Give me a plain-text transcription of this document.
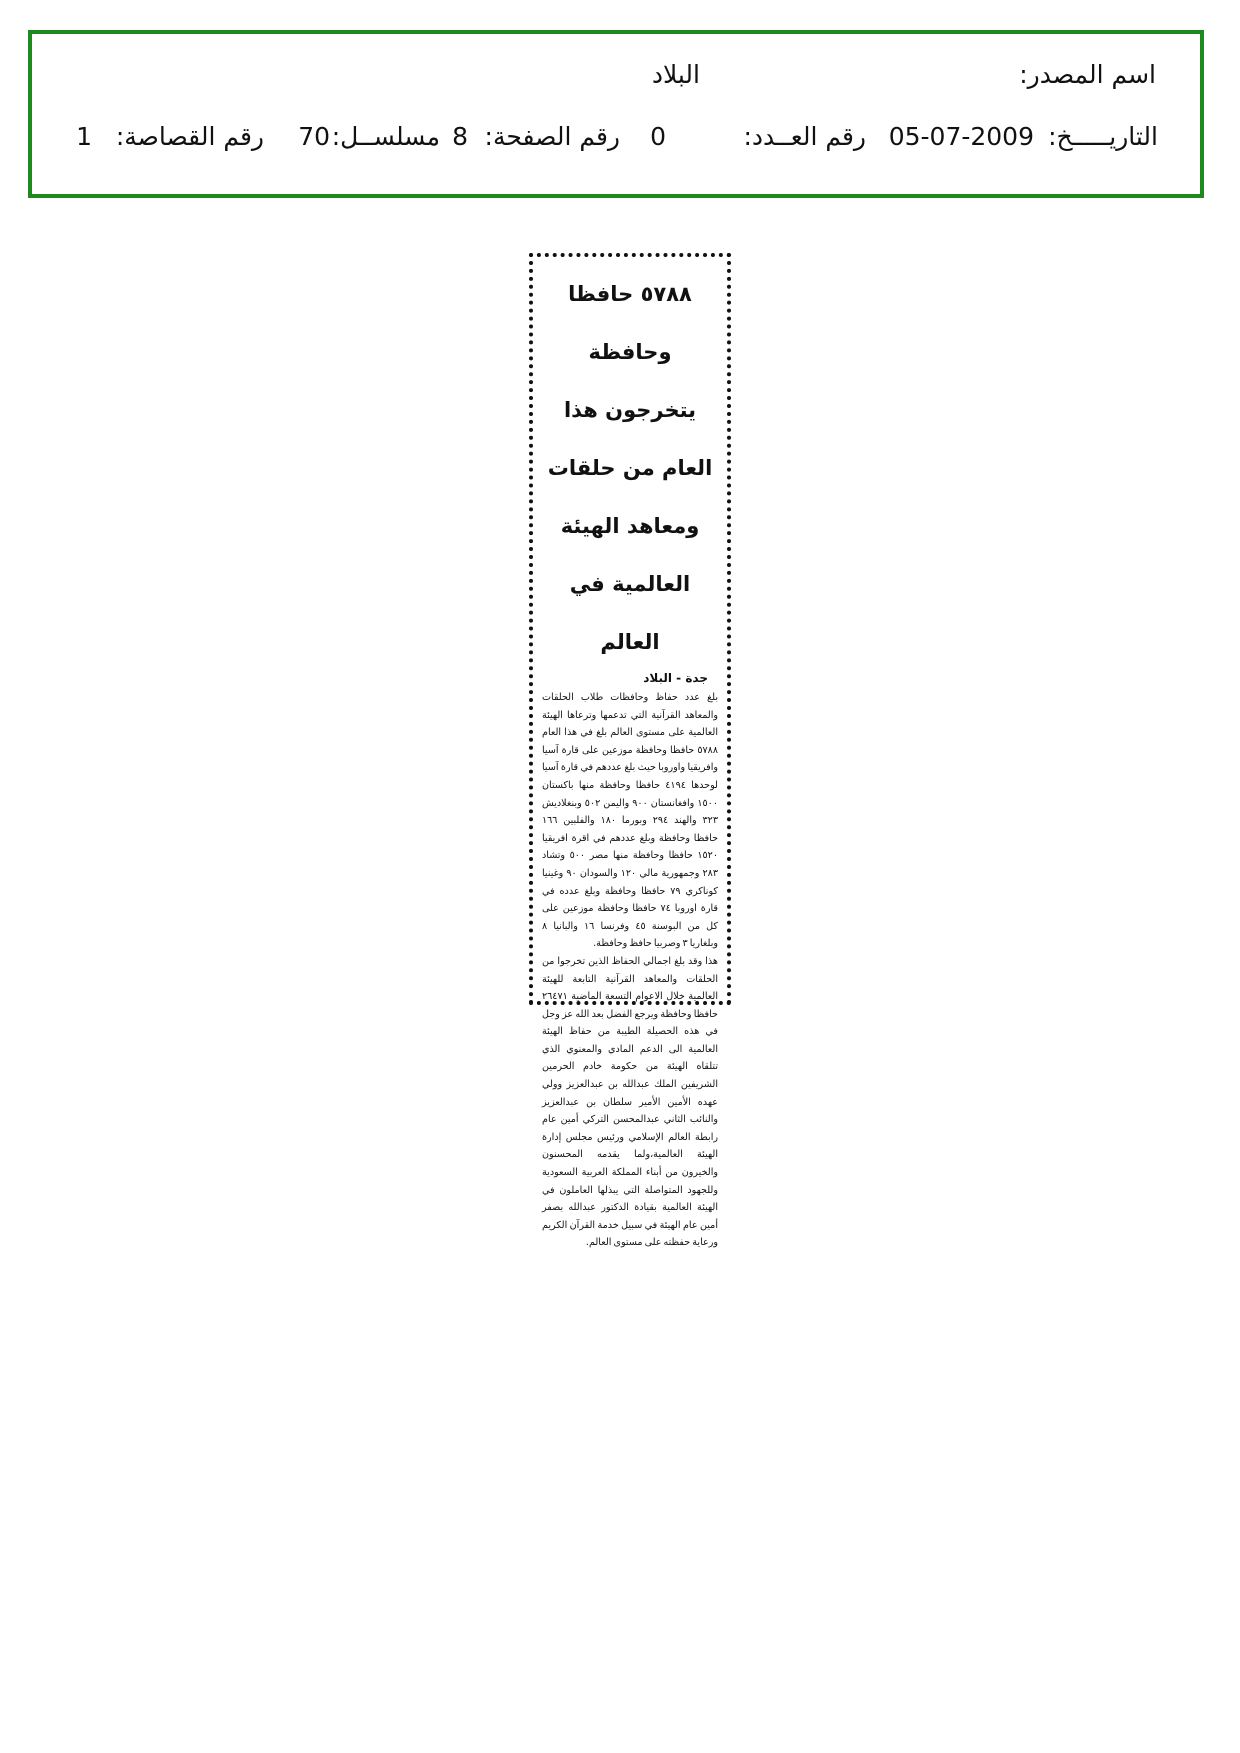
اسم المصدر:
البلاد
التاريـــــخ:
05-07-2009
رقم العــدد:
0
رقم الصفحة:
8
مسلســل:
70
رقم القصاصة:
1
٥٧٨٨ حافظا وحافظة يتخرجون هذا العام من حلقات ومعاهد الهيئة العالمية في العالم

جدة - البلاد

بلغ عدد حفاظ وحافظات طلاب الحلقات والمعاهد القرآنية التي تدعمها وترعاها الهيئة العالمية على مستوى العالم بلغ في هذا العام ٥٧٨٨ حافظا وحافظة موزعين على قارة آسيا وافريقيا واوروبا حيث بلغ عددهم في قارة آسيا لوحدها ٤١٩٤ حافظا وحافظة منها باكستان ١٥٠٠ وافغانستان ٩٠٠ واليمن ٥٠٢ وبنغلاديش ٣٢٣ والهند ٢٩٤ وبورما ١٨٠ والفلبين ١٦٦ حافظا وحافظة وبلغ عددهم في اقرة افريقيا ١٥٢٠ حافظا وحافظة منها مصر ٥٠٠ وتشاد ٢٨٣ وجمهورية مالي ١٢٠ والسودان ٩٠ وغينيا كوناكري ٧٩ حافظا وحافظة وبلغ عدده في قارة اوروبا ٧٤ حافظا وحافظة موزعين على كل من البوسنة ٤٥ وفرنسا ١٦ والبانيا ٨ وبلغاريا ٣ وصربيا حافظ وحافظة.

هذا وقد بلغ اجمالي الحفاظ الذين تخرجوا من الحلقات والمعاهد القرآنية التابعة للهيئة العالمية خلال الاعوام التسعة الماضية ٢٦٤٧١ حافظا وحافظة ويرجع الفضل بعد الله عز وجل في هذه الحصيلة الطيبة من حفاظ الهيئة العالمية الى الدعم المادي والمعنوي الذي تتلقاه الهيئة من حكومة خادم الحرمين الشريفين الملك عبدالله بن عبدالعزيز وولي عهده الأمين الأمير سلطان بن عبدالعزيز والنائب الثاني عبدالمحسن التركي أمين عام رابطة العالم الإسلامي ورئيس مجلس إدارة الهيئة العالمية،ولما يقدمه المحسنون والخيرون من أبناء المملكة العربية السعودية وللجهود المتواصلة التي يبذلها العاملون في الهيئة العالمية بقيادة الدكتور عبدالله بصفر أمين عام الهيئة في سبيل خدمة القرآن الكريم ورعاية حفظته على مستوى العالم.
